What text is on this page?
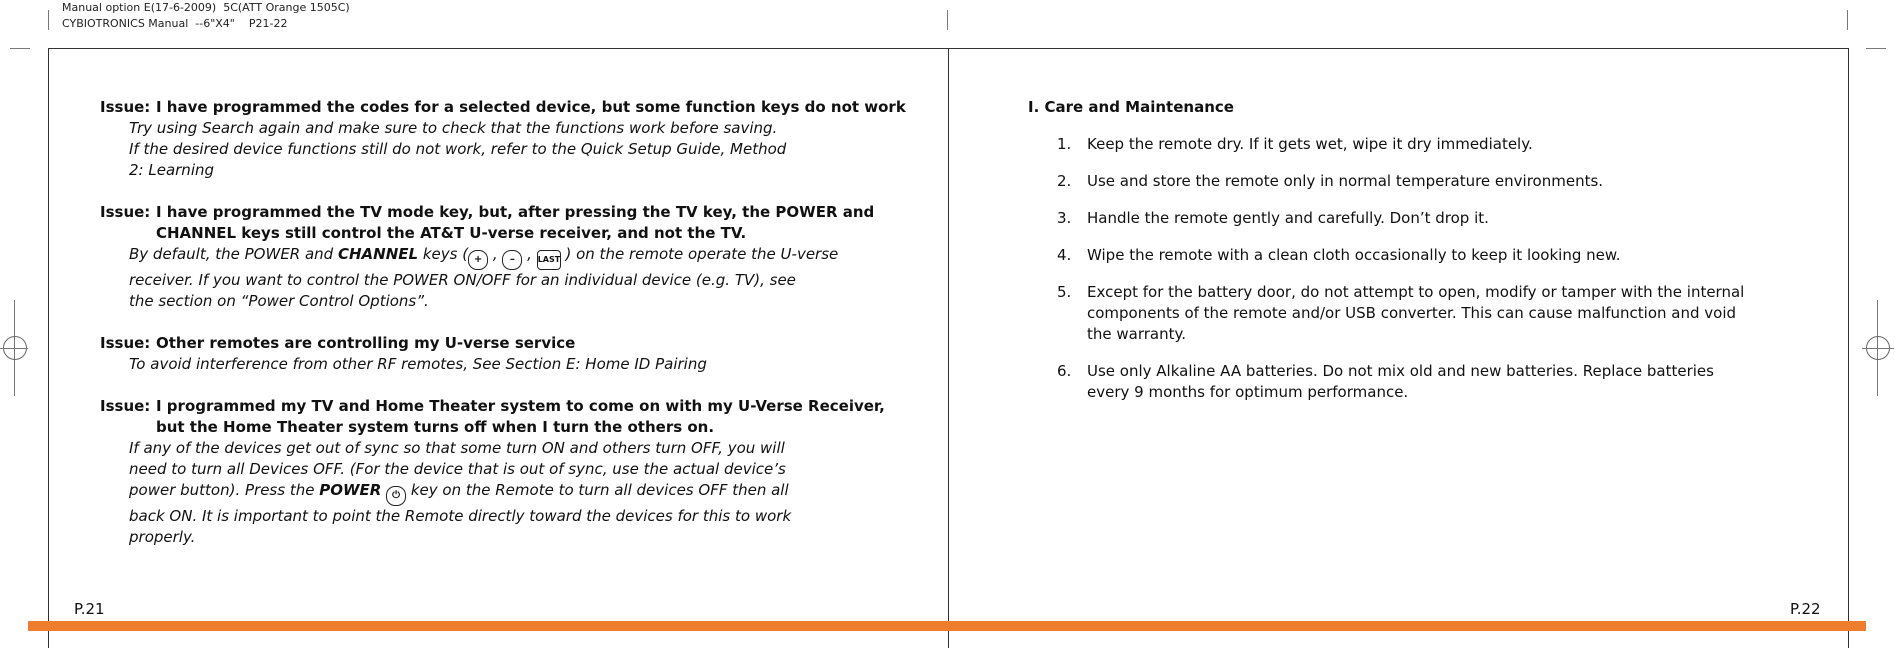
Manual option E(17-6-2009)  5C(ATT Orange 1505C)
CYBIOTRONICS Manual  --6"X4"    P21-22
Issue: I have programmed the codes for a selected device, but some function keys do not work
Try using Search again and make sure to check that the functions work before saving.
If the desired device functions still do not work, refer to the Quick Setup Guide, Method
2: Learning
Issue: I have programmed the TV mode key, but, after pressing the TV key, the POWER and
CHANNEL keys still control the AT&T U-verse receiver, and not the TV.
By default, the POWER and CHANNEL keys ( + , – , LAST ) on the remote operate the U-verse
receiver. If you want to control the POWER ON/OFF for an individual device (e.g. TV), see
the section on “Power Control Options”.
Issue: Other remotes are controlling my U-verse service
To avoid interference from other RF remotes, See Section E: Home ID Pairing
Issue: I programmed my TV and Home Theater system to come on with my U-Verse Receiver,
but the Home Theater system turns off when I turn the others on.
If any of the devices get out of sync so that some turn ON and others turn OFF, you will
need to turn all Devices OFF. (For the device that is out of sync, use the actual device’s
power button). Press the POWER ⏻ key on the Remote to turn all devices OFF then all
back ON. It is important to point the Remote directly toward the devices for this to work
properly.
P.21
I. Care and Maintenance
1.	Keep the remote dry. If it gets wet, wipe it dry immediately.
2.	Use and store the remote only in normal temperature environments.
3.	Handle the remote gently and carefully. Don’t drop it.
4.	Wipe the remote with a clean cloth occasionally to keep it looking new.
5.	Except for the battery door, do not attempt to open, modify or tamper with the internal
components of the remote and/or USB converter. This can cause malfunction and void
the warranty.
6.	Use only Alkaline AA batteries. Do not mix old and new batteries. Replace batteries
every 9 months for optimum performance.
P.22
